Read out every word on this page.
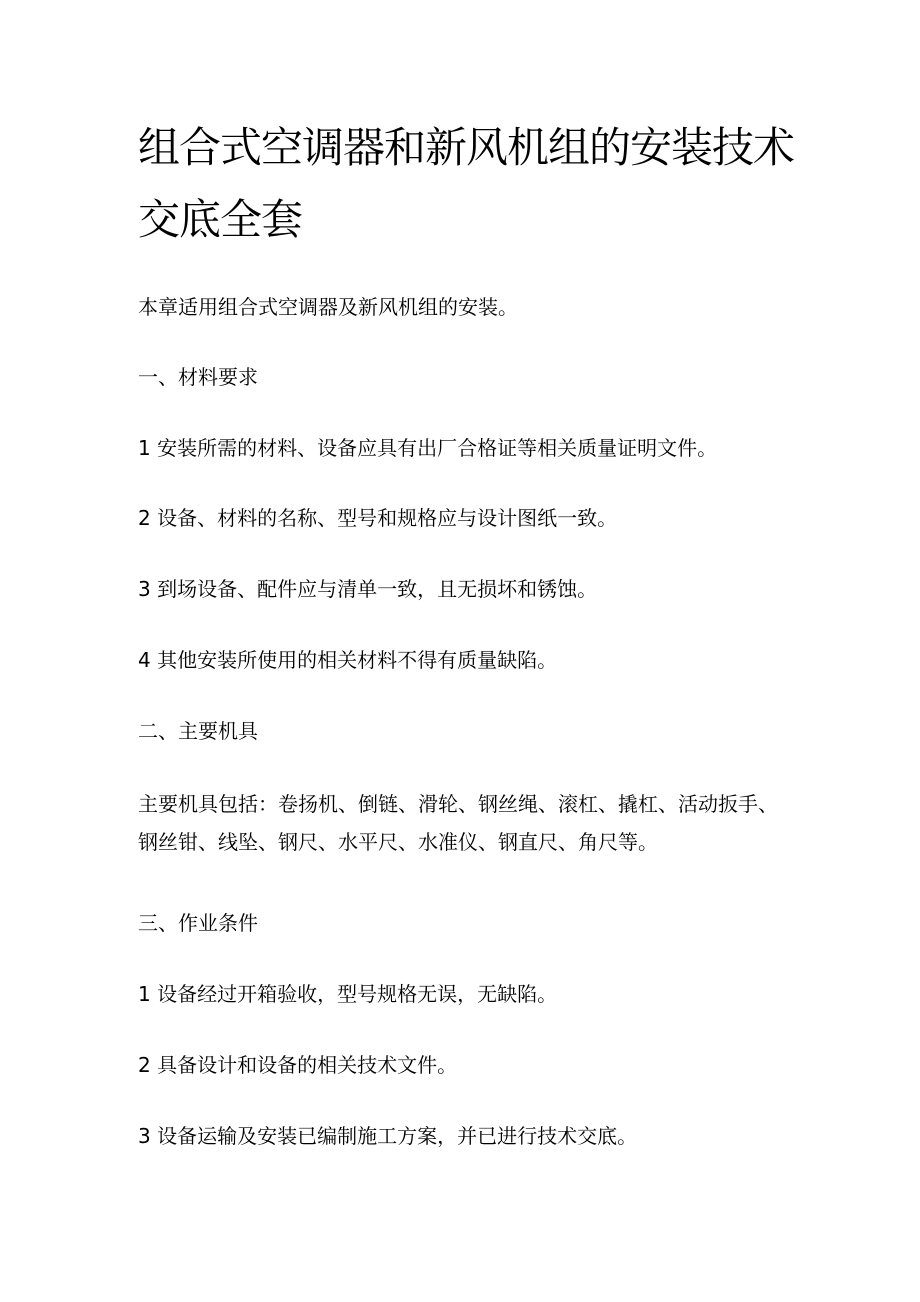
组合式空调器和新风机组的安装技术交底全套

本章适用组合式空调器及新风机组的安装。

一、材料要求

1 安装所需的材料、设备应具有出厂合格证等相关质量证明文件。

2 设备、材料的名称、型号和规格应与设计图纸一致。

3 到场设备、配件应与清单一致，且无损坏和锈蚀。

4 其他安装所使用的相关材料不得有质量缺陷。

二、主要机具

主要机具包括：卷扬机、倒链、滑轮、钢丝绳、滚杠、撬杠、活动扳手、钢丝钳、线坠、钢尺、水平尺、水准仪、钢直尺、角尺等。

三、作业条件

1 设备经过开箱验收，型号规格无误，无缺陷。

2 具备设计和设备的相关技术文件。

3 设备运输及安装已编制施工方案，并已进行技术交底。
